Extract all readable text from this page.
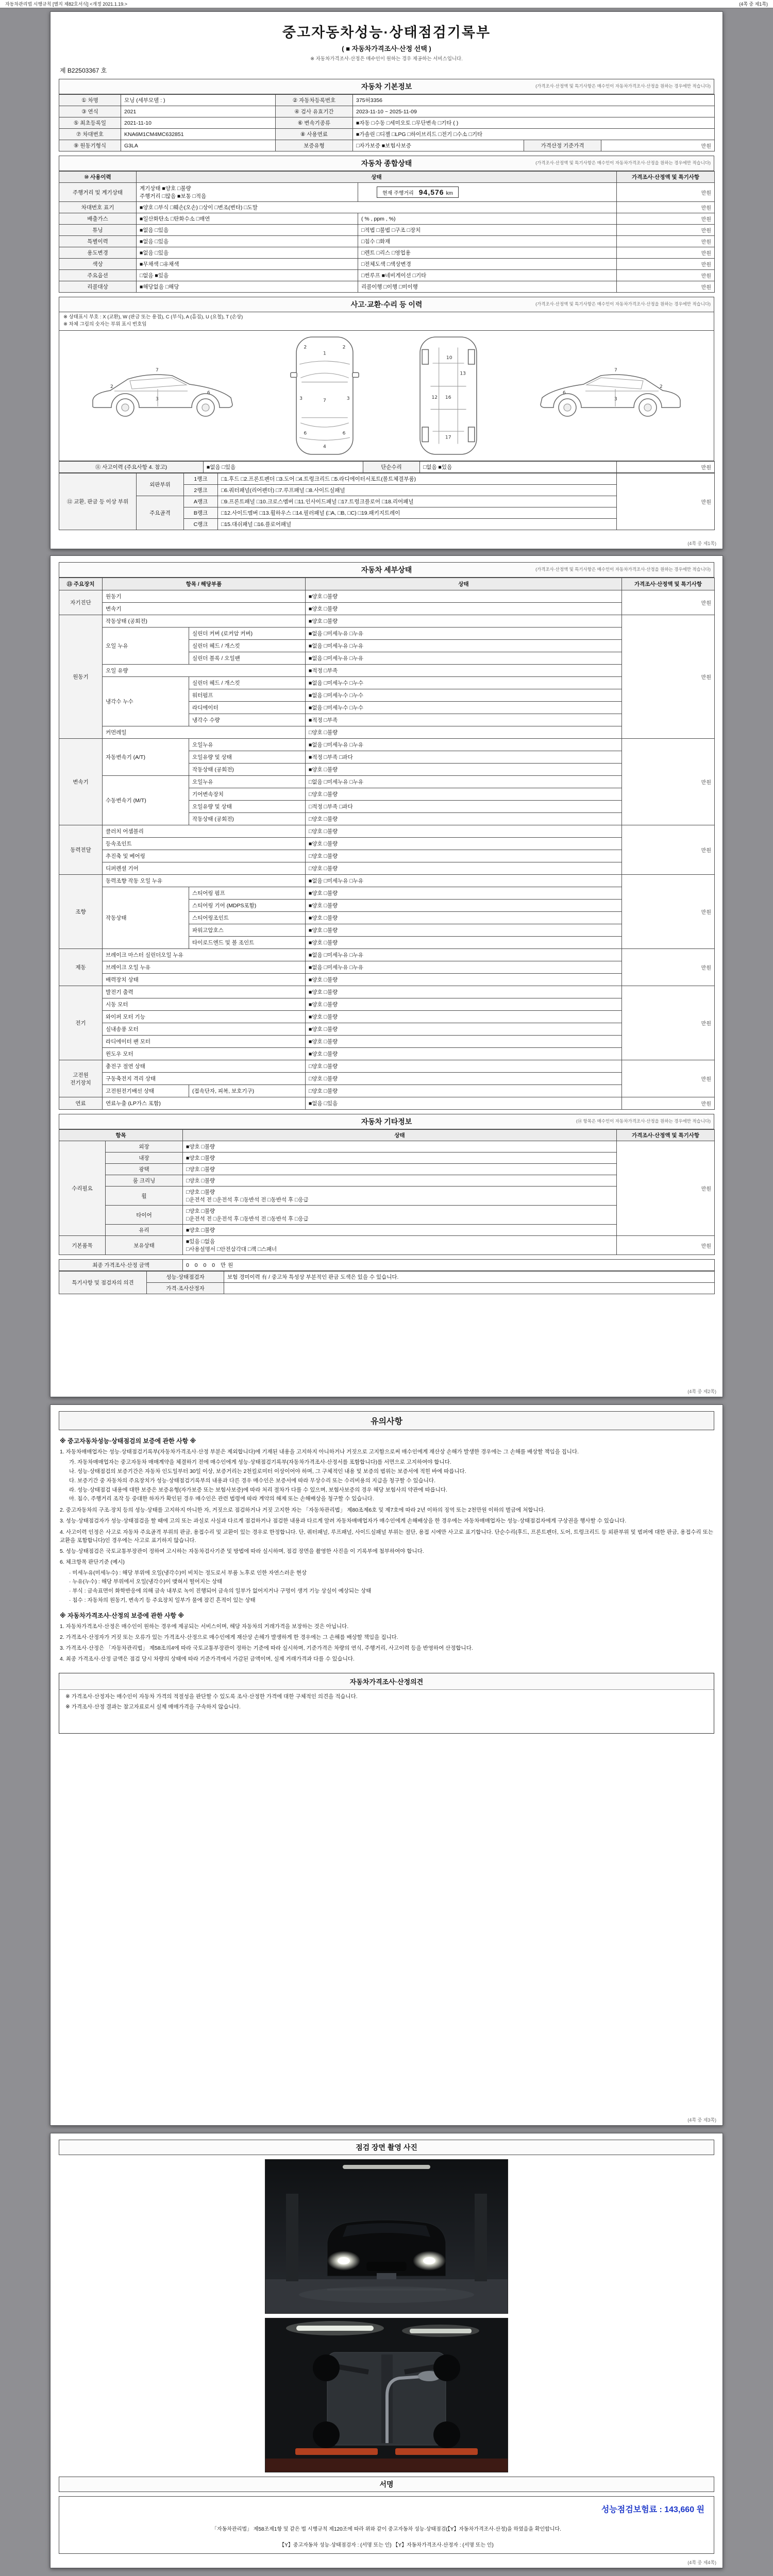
자동차관리법 시행규칙 [별지 제82호서식] <개정 2021.1.19.>	(4쪽 중 제1쪽)
중고자동차성능·상태점검기록부
( ■ 자동차가격조사·산정 선택 )
※ 자동차가격조사·산정은 매수인이 원하는 경우 제공하는 서비스입니다.
제 B22503367 호
자동차 기본정보	(가격조사·산정액 및 특기사항은 매수인이 자동차가격조사·산정을 원하는 경우에만 적습니다)
① 차명	모닝 (세부모델 : )	② 자동차등록번호	375허3356		
③ 연식	2021	④ 검사 유효기간	2023-11-10 ~ 2025-11-09		
⑤ 최초등록일	2021-11-10	⑥ 변속기종류	■자동 □수동 □세미오토 □무단변속 □기타 ( )		
⑦ 차대번호	KNA6M1CM4MC632851	⑧ 사용연료	■가솔린 □디젤 □LPG □하이브리드 □전기 □수소 □기타		
⑨ 원동기형식	G3LA	보증유형	□자가보증 ■보험사보증	가격산정 기준가격	만원
자동차 종합상태	(가격조사·산정액 및 특기사항은 매수인이 자동차가격조사·산정을 원하는 경우에만 적습니다)
⑩ 사용이력	상태		가격조사·산정액 및 특기사항
주행거리 및 계기상태	계기상태 ■양호 □불량
주행거리 □많음 ■보통 □적음	현재 주행거리 94,576 km	만원
차대번호 표기	■양호 □부식 □훼손(오손) □상이 □변조(변타) □도말		만원
배출가스	■일산화탄소 □탄화수소 □매연	( % , ppm , %)	만원
튜닝	■없음 □있음	□적법 □불법 □구조 □장치	만원
특별이력	■없음 □있음	□침수 □화재	만원
용도변경	■없음 □있음	□렌트 □리스 □영업용	만원
색상	■무채색 □유채색	□전체도색 □색상변경	만원
주요옵션	□없음 ■있음	□썬루프 ■네비게이션 □기타	만원
리콜대상	■해당없음 □해당	리콜이행 □이행 □미이행	만원
사고·교환·수리 등 이력	(가격조사·산정액 및 특기사항은 매수인이 자동차가격조사·산정을 원하는 경우에만 적습니다)
※ 상태표시 부호 : X (교환), W (판금 또는 용접), C (부식), A (흠집), U (요철), T (손상)
※ 차체 그림의 숫자는 부위 표시 번호임
2
3
6
7
1
7
4
2	2
6	6
3	3
10
12 16
17
13
2
3
6
7
⑪ 사고이력 (주요사항 4. 참고)	■없음 □있음	단순수리	□없음 ■있음	만원
⑫ 교환, 판금 등 이상 부위	외판부위	1랭크	□1.후드 □2.프론트펜더 □3.도어 □4.트렁크리드 □5.라디에이터서포트(볼트체결부품)	만원
		2랭크	□6.쿼터패널(리어펜더) □7.루프패널 □8.사이드실패널	
	주요골격	A랭크	□9.프론트패널 □10.크로스멤버 □11.인사이드패널 □17.트렁크플로어 □18.리어패널	
		B랭크	□12.사이드멤버 □13.휠하우스 □14.필러패널 (□A, □B, □C) □19.패키지트레이	
		C랭크	□15.대쉬패널 □16.플로어패널	
(4쪽 중 제1쪽)
자동차 세부상태	(가격조사·산정액 및 특기사항은 매수인이 자동차가격조사·산정을 원하는 경우에만 적습니다)
⑬ 주요장치	항목 / 해당부품		상태	가격조사·산정액 및 특기사항
자기진단	원동기		■양호 □불량	만원
	변속기		■양호 □불량	
원동기	작동상태 (공회전)		■양호 □불량	만원
	오일 누유	실린더 커버 (로커암 커버)	■없음 □미세누유 □누유	
		실린더 헤드 / 개스킷	■없음 □미세누유 □누유	
		실린더 블록 / 오일팬	■없음 □미세누유 □누유	
	오일 유량		■적정 □부족	
	냉각수 누수	실린더 헤드 / 개스킷	■없음 □미세누수 □누수	
		워터펌프	■없음 □미세누수 □누수	
		라디에이터	■없음 □미세누수 □누수	
		냉각수 수량	■적정 □부족	
	커먼레일		□양호 □불량	
변속기	자동변속기 (A/T)	오일누유	■없음 □미세누유 □누유	만원
		오일유량 및 상태	■적정 □부족 □과다	
		작동상태 (공회전)	■양호 □불량	
	수동변속기 (M/T)	오일누유	□없음 □미세누유 □누유	
		기어변속장치	□양호 □불량	
		오일유량 및 상태	□적정 □부족 □과다	
		작동상태 (공회전)	□양호 □불량	
동력전달	클러치 어셈블리		□양호 □불량	만원
	등속조인트		■양호 □불량	
	추진축 및 베어링		□양호 □불량	
	디퍼렌셜 기어		□양호 □불량	
조향	동력조향 작동 오일 누유		■없음 □미세누유 □누유	만원
	작동상태	스티어링 펌프	■양호 □불량	
		스티어링 기어 (MDPS포함)	■양호 □불량	
		스티어링조인트	■양호 □불량	
		파워고압호스	■양호 □불량	
		타이로드엔드 및 볼 조인트	■양호 □불량	
제동	브레이크 마스터 실린더오일 누유		■없음 □미세누유 □누유	만원
	브레이크 오일 누유		■없음 □미세누유 □누유	
	배력장치 상태		■양호 □불량	
전기	발전기 출력		■양호 □불량	만원
	시동 모터		■양호 □불량	
	와이퍼 모터 기능		■양호 □불량	
	실내송풍 모터		■양호 □불량	
	라디에이터 팬 모터		■양호 □불량	
	윈도우 모터		■양호 □불량	
고전원 전기장치	충전구 절연 상태		□양호 □불량	만원
	구동축전지 격리 상태		□양호 □불량	
	고전원전기배선 상태	(접속단자, 피복, 보호기구)	□양호 □불량	
연료	연료누출 (LP가스 포함)		■없음 □있음	만원
자동차 기타정보	(⑭ 항목은 매수인이 자동차가격조사·산정을 원하는 경우에만 적습니다)
항목		상태	가격조사·산정액 및 특기사항
수리필요	외장	■양호 □불량	만원
	내장	■양호 □불량	

	광택	□양호 □불량	

	룸 크리닝	□양호 □불량	

	휠	□양호 □불량
□운전석 전 □운전석 후 □동반석 전 □동반석 후 □응급	

	타이어	□양호 □불량
□운전석 전 □운전석 후 □동반석 전 □동반석 후 □응급	

	유리	■양호 □불량	

기본품목	보유상태	■있음 □없음
□사용설명서 □안전삼각대 □잭 □스패너	만원
최종 가격조사·산정 금액	0 0 0 0 만원
특기사항 및 점검자의 의견	성능·상태점검자	보험 경미이력 有 / 중고차 특성상 부분적인 판금 도색은 있을 수 있습니다.
	가격·조사산정자	
(4쪽 중 제2쪽)
유의사항
※ 중고자동차성능·상태점검의 보증에 관한 사항 ※
1. 자동차매매업자는 성능·상태점검기록부(자동차가격조사·산정 부분은 제외합니다)에 기재된 내용을 고지하지 아니하거나 거짓으로 고지함으로써 매수인에게 재산상 손해가 발생한 경우에는 그 손해를 배상할 책임을 집니다.
가. 자동차매매업자는 중고자동차 매매계약을 체결하기 전에 매수인에게 성능·상태점검기록부(자동차가격조사·산정서를 포함합니다)를 서면으로 고지하여야 합니다.
나. 성능·상태점검의 보증기간은 자동차 인도일부터 30일 이상, 보증거리는 2천킬로미터 이상이어야 하며, 그 구체적인 내용 및 보증의 범위는 보증서에 적힌 바에 따릅니다.
다. 보증기간 중 자동차의 주요장치가 성능·상태점검기록부의 내용과 다른 경우 매수인은 보증서에 따라 무상수리 또는 수리비용의 지급을 청구할 수 있습니다.
라. 성능·상태점검 내용에 대한 보증은 보증유형(자가보증 또는 보험사보증)에 따라 처리 절차가 다를 수 있으며, 보험사보증의 경우 해당 보험사의 약관에 따릅니다.
마. 침수, 주행거리 조작 등 중대한 하자가 확인된 경우 매수인은 관련 법령에 따라 계약의 해제 또는 손해배상을 청구할 수 있습니다.
2. 중고자동차의 구조·장치 등의 성능·상태를 고지하지 아니한 자, 거짓으로 점검하거나 거짓 고지한 자는 「자동차관리법」 제80조제6호 및 제7호에 따라 2년 이하의 징역 또는 2천만원 이하의 벌금에 처합니다.
3. 성능·상태점검자가 성능·상태점검을 할 때에 고의 또는 과실로 사실과 다르게 점검하거나 점검한 내용과 다르게 알려 자동차매매업자가 매수인에게 손해배상을 한 경우에는 자동차매매업자는 성능·상태점검자에게 구상권을 행사할 수 있습니다.
4. 사고이력 인정은 사고로 자동차 주요골격 부위의 판금, 용접수리 및 교환이 있는 경우로 한정합니다. 단, 쿼터패널, 루프패널, 사이드실패널 부위는 절단, 용접 시에만 사고로 표기합니다. 단순수리(후드, 프론트펜더, 도어, 트렁크리드 등 외판부위 및 범퍼에 대한 판금, 용접수리 또는 교환을 포함합니다)인 경우에는 사고로 표기하지 않습니다.
5. 성능·상태점검은 국토교통부장관이 정하여 고시하는 자동차검사기준 및 방법에 따라 실시하며, 점검 장면을 촬영한 사진을 이 기록부에 첨부하여야 합니다.
6. 체크항목 판단기준 (예시)
· 미세누유(미세누수) : 해당 부위에 오일(냉각수)이 비치는 정도로서 부품 노후로 인한 자연스러운 현상
· 누유(누수) : 해당 부위에서 오일(냉각수)이 맺혀서 떨어지는 상태
· 부식 : 금속표면이 화학반응에 의해 금속 내부로 녹이 진행되어 금속의 일부가 없어지거나 구멍이 생겨 기능 상실이 예상되는 상태
· 침수 : 자동차의 원동기, 변속기 등 주요장치 일부가 물에 잠긴 흔적이 있는 상태
※ 자동차가격조사·산정의 보증에 관한 사항 ※
1. 자동차가격조사·산정은 매수인이 원하는 경우에 제공되는 서비스이며, 해당 자동차의 거래가격을 보장하는 것은 아닙니다.
2. 가격조사·산정자가 거짓 또는 오류가 있는 가격조사·산정으로 매수인에게 재산상 손해가 발생하게 한 경우에는 그 손해를 배상할 책임을 집니다.
3. 가격조사·산정은 「자동차관리법」 제58조의4에 따라 국토교통부장관이 정하는 기준에 따라 실시하며, 기준가격은 차량의 연식, 주행거리, 사고이력 등을 반영하여 산정합니다.
4. 최종 가격조사·산정 금액은 점검 당시 차량의 상태에 따라 기준가격에서 가감된 금액이며, 실제 거래가격과 다를 수 있습니다.
자동차가격조사·산정의견
※ 가격조사·산정자는 매수인이 자동차 가격의 적절성을 판단할 수 있도록 조사·산정한 가격에 대한 구체적인 의견을 적습니다.
※ 가격조사·산정 결과는 참고자료로서 실제 매매가격을 구속하지 않습니다.
(4쪽 중 제3쪽)
점검 장면 촬영 사진
서명
성능점검보험료 : 143,660 원
「자동차관리법」 제58조제1항 및 같은 법 시행규칙 제120조에 따라 위와 같이 중고자동차 성능·상태점검(【Y】자동차가격조사·산정)을 하였음을 확인합니다.
【Y】중고자동차 성능·상태점검자 : (서명 또는 인) 【Y】자동차가격조사·산정자 : (서명 또는 인)
(4쪽 중 제4쪽)
